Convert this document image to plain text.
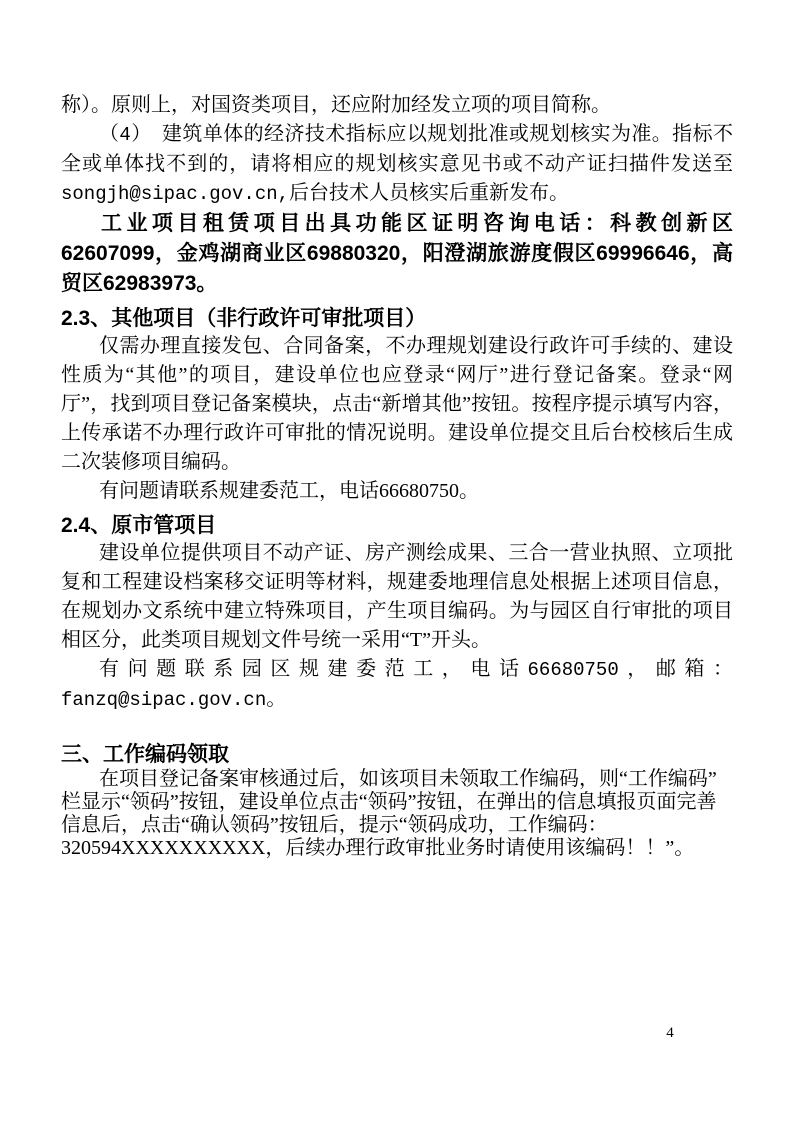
称）。原则上，对国资类项目，还应附加经发立项的项目简称。
（4）　建筑单体的经济技术指标应以规划批准或规划核实为准。指标不全或单体找不到的，请将相应的规划核实意见书或不动产证扫描件发送至songjh@sipac.gov.cn,后台技术人员核实后重新发布。
工业项目租赁项目出具功能区证明咨询电话：科教创新区62607099，金鸡湖商业区69880320，阳澄湖旅游度假区69996646，高贸区62983973。
2.3、其他项目（非行政许可审批项目）
仅需办理直接发包、合同备案，不办理规划建设行政许可手续的、建设性质为“其他”的项目，建设单位也应登录“网厅”进行登记备案。登录“网厅”，找到项目登记备案模块，点击“新增其他”按钮。按程序提示填写内容，上传承诺不办理行政许可审批的情况说明。建设单位提交且后台校核后生成二次装修项目编码。
有问题请联系规建委范工，电话66680750。
2.4、原市管项目
建设单位提供项目不动产证、房产测绘成果、三合一营业执照、立项批复和工程建设档案移交证明等材料，规建委地理信息处根据上述项目信息，在规划办文系统中建立特殊项目，产生项目编码。为与园区自行审批的项目相区分，此类项目规划文件号统一采用“T”开头。
有问题联系园区规建委范工，电话66680750，邮箱：fanzq@sipac.gov.cn。
三、工作编码领取
在项目登记备案审核通过后，如该项目未领取工作编码，则“工作编码”栏显示“领码”按钮，建设单位点击“领码”按钮，在弹出的信息填报页面完善信息后，点击“确认领码”按钮后，提示“领码成功，工作编码：320594XXXXXXXXXX，后续办理行政审批业务时请使用该编码！！”。
4
